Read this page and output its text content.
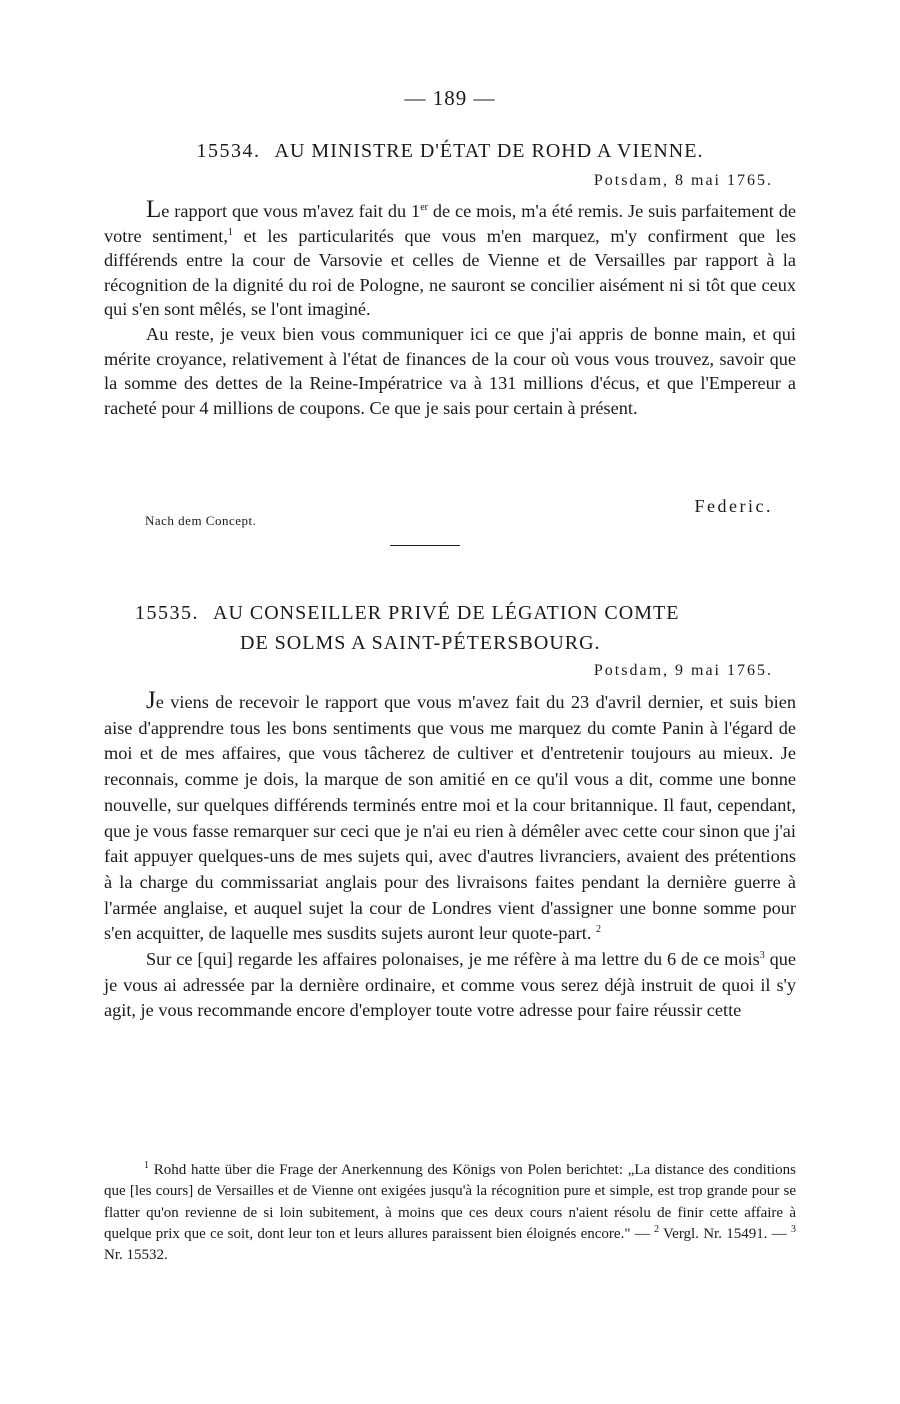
— 189 —
15534. AU MINISTRE D'ÉTAT DE ROHD A VIENNE.
Potsdam, 8 mai 1765.

Le rapport que vous m'avez fait du 1er de ce mois, m'a été remis. Je suis parfaitement de votre sentiment,$^1$ et les particularités que vous m'en marquez, m'y confirment que les différends entre la cour de Varsovie et celles de Vienne et de Versailles par rapport à la récognition de la dignité du roi de Pologne, ne sauront se concilier aisément ni si tôt que ceux qui s'en sont mêlés, se l'ont imaginé.

Au reste, je veux bien vous communiquer ici ce que j'ai appris de bonne main, et qui mérite croyance, relativement à l'état de finances de la cour où vous vous trouvez, savoir que la somme des dettes de la Reine-Impératrice va à 131 millions d'écus, et que l'Empereur a racheté pour 4 millions de coupons. Ce que je sais pour certain à présent.

Federic.
Nach dem Concept.
15535. AU CONSEILLER PRIVÉ DE LÉGATION COMTE
DE SOLMS A SAINT-PÉTERSBOURG.
Potsdam, 9 mai 1765.

Je viens de recevoir le rapport que vous m'avez fait du 23 d'avril dernier, et suis bien aise d'apprendre tous les bons sentiments que vous me marquez du comte Panin à l'égard de moi et de mes affaires, que vous tâcherez de cultiver et d'entretenir toujours au mieux. Je reconnais, comme je dois, la marque de son amitié en ce qu'il vous a dit, comme une bonne nouvelle, sur quelques différends terminés entre moi et la cour britannique. Il faut, cependant, que je vous fasse remarquer sur ceci que je n'ai eu rien à démêler avec cette cour sinon que j'ai fait appuyer quelques-uns de mes sujets qui, avec d'autres livranciers, avaient des prétentions à la charge du commissariat anglais pour des livraisons faites pendant la dernière guerre à l'armée anglaise, et auquel sujet la cour de Londres vient d'assigner une bonne somme pour s'en acquitter, de laquelle mes susdits sujets auront leur quote-part. $^2$

Sur ce [qui] regarde les affaires polonaises, je me réfère à ma lettre du 6 de ce mois$^3$ que je vous ai adressée par la dernière ordinaire, et comme vous serez déjà instruit de quoi il s'y agit, je vous recommande encore d'employer toute votre adresse pour faire réussir cette

$^1$ Rohd hatte über die Frage der Anerkennung des Königs von Polen berichtet: „La distance des conditions que [les cours] de Versailles et de Vienne ont exigées jusqu'à la récognition pure et simple, est trop grande pour se flatter qu'on revienne de si loin subitement, à moins que ces deux cours n'aient résolu de finir cette affaire à quelque prix que ce soit, dont leur ton et leurs allures paraissent bien éloignés encore." — $^2$ Vergl. Nr. 15491. — $^3$ Nr. 15532.
